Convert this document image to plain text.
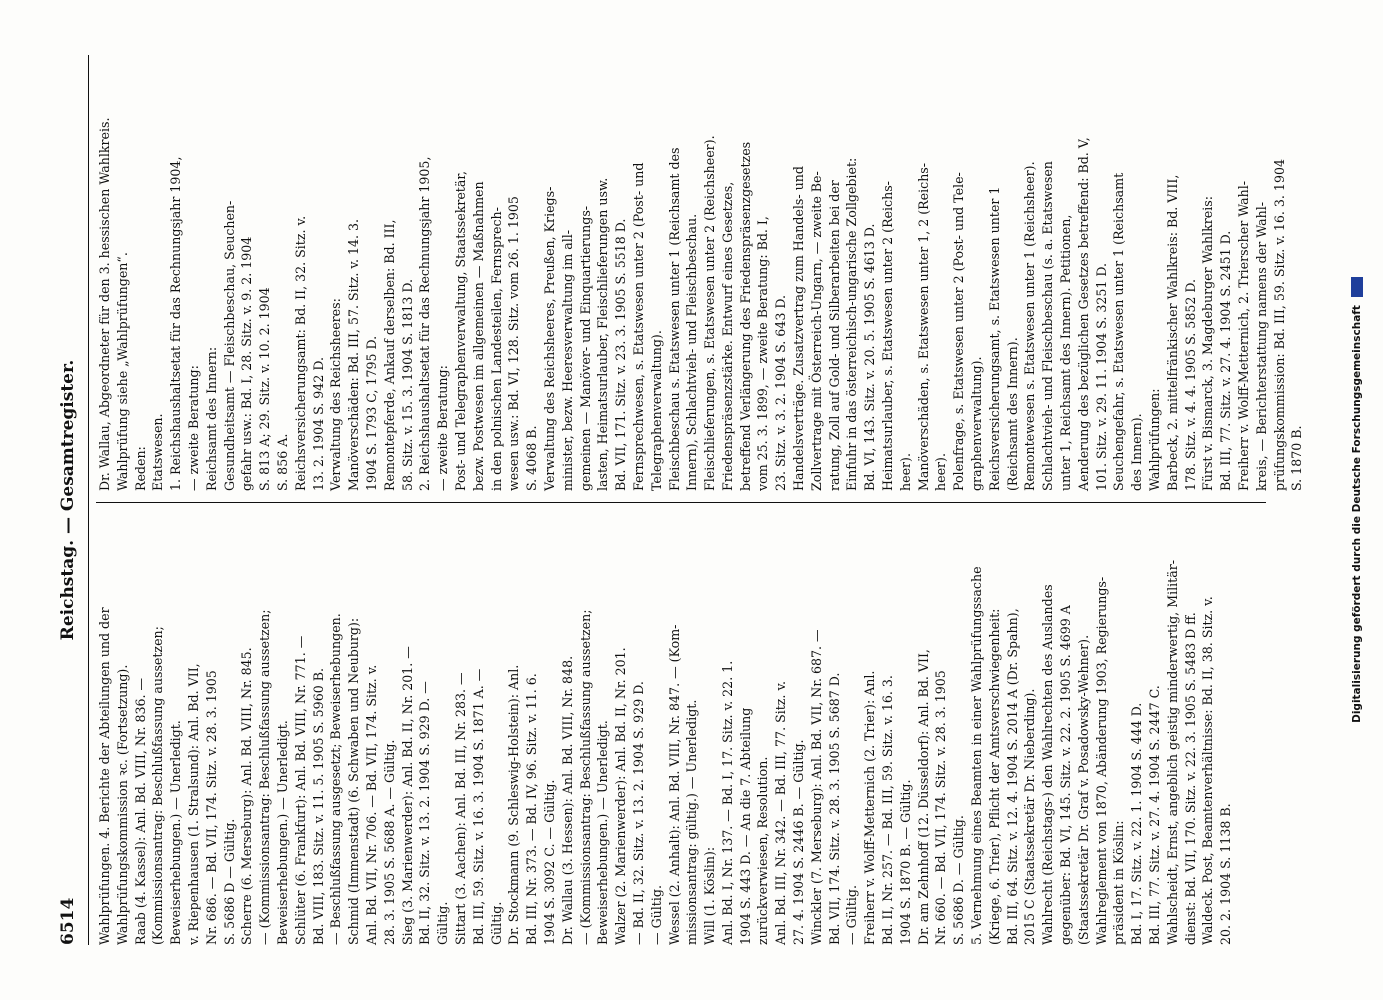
6514
Reichstag. — Gesamtregister.
Wahlprüfungen. 4. Berichte der Abteilungen und der Wahlprüfungskommission ꝛc. (Fortsetzung). Raab (4. Kassel): Anl. Bd. VIII, Nr. 836. — (Kommissionsantrag: Beschlußfassung aussetzen; Beweiserhebungen.) — Unerledigt. v. Riepenhausen (1. Stralsund): Anl. Bd. VII, Nr. 686. — Bd. VII, 174. Sitz. v. 28. 3. 1905 S. 5686 D — Gültig. Scherre (6. Merseburg): Anl. Bd. VIII, Nr. 845. — (Kommissionsantrag: Beschlußfassung aussetzen; Beweiserhebungen.) — Unerledigt. Schlüter (6. Frankfurt): Anl. Bd. VIII, Nr. 771. — Bd. VIII, 183. Sitz. v. 11. 5. 1905 S. 5960 B. — Beschlußfassung ausgesetzt; Beweiserhebungen. Schmid (Immenstadt) (6. Schwaben und Neuburg): Anl. Bd. VII, Nr. 706. — Bd. VII, 174. Sitz. v. 28. 3. 1905 S. 5688 A. — Gültig. Sieg (3. Marienwerder): Anl. Bd. II, Nr. 201. — Bd. II, 32. Sitz. v. 13. 2. 1904 S. 929 D. — Gültig. Sittart (3. Aachen): Anl. Bd. III, Nr. 283. — Bd. III, 59. Sitz. v. 16. 3. 1904 S. 1871 A. — Gültig. Dr. Stockmann (9. Schleswig-Holstein): Anl. Bd. III, Nr. 373. — Bd. IV, 96. Sitz. v. 11. 6. 1904 S. 3092 C. — Gültig. Dr. Wallau (3. Hessen): Anl. Bd. VIII, Nr. 848. — (Kommissionsantrag: Beschlußfassung aussetzen; Beweiserhebungen.) — Unerledigt. Walzer (2. Marienwerder): Anl. Bd. II, Nr. 201. — Bd. II, 32. Sitz. v. 13. 2. 1904 S. 929 D. — Gültig. Wessel (2. Anhalt): Anl. Bd. VIII, Nr. 847. — (Kom- missionsantrag: gültig.) — Unerledigt. Will (1. Köslin): Anl. Bd. I, Nr. 137. — Bd. I, 17. Sitz. v. 22. 1. 1904 S. 443 D. — An die 7. Abteilung zurückverwiesen, Resolution. Anl. Bd. III, Nr. 342. — Bd. III, 77. Sitz. v. 27. 4. 1904 S. 2446 B. — Gültig. Winckler (7. Merseburg): Anl. Bd. VII, Nr. 687. — Bd. VII, 174. Sitz. v. 28. 3. 1905 S. 5687 D. — Gültig. Freiherr v. Wolff-Metternich (2. Trier): Anl. Bd. II, Nr. 257. — Bd. III, 59. Sitz. v. 16. 3. 1904 S. 1870 B. — Gültig. Dr. am Zehnhoff (12. Düsseldorf): Anl. Bd. VII, Nr. 660. — Bd. VII, 174. Sitz. v. 28. 3. 1905 S. 5686 D. — Gültig. 5. Vernehmung eines Beamten in einer Wahlprüfungssache (Kriege, 6. Trier), Pflicht der Amtsverschwiegenheit: Bd. III, 64. Sitz. v. 12. 4. 1904 S. 2014 A (Dr. Spahn), 2015 C (Staatssekretär Dr. Nieberding). Wahlrecht (Reichstags-) den Wahlrechten des Auslandes gegenüber: Bd. VI, 145. Sitz. v. 22. 2. 1905 S. 4699 A (Staatssekretär Dr. Graf v. Posadowsky-Wehner). Wahlreglement von 1870, Abänderung 1903, Regierungs- präsident in Köslin: Bd. I, 17. Sitz. v. 22. 1. 1904 S. 444 D. Bd. III, 77. Sitz. v. 27. 4. 1904 S. 2447 C. Wahlscheidt, Ernst, angeblich geistig minderwertig, Militär- dienst: Bd. VII, 170. Sitz. v. 22. 3. 1905 S. 5483 D ff. Waldeck. Post, Beamtenverhältnisse: Bd. II, 38. Sitz. v. 20. 2. 1904 S. 1138 B.
Dr. Wallau, Abgeordneter für den 3. hessischen Wahlkreis. Wahlprüfung siehe „Wahlprüfungen“. Reden: Etatswesen. 1. Reichshaushaltsetat für das Rechnungsjahr 1904, — zweite Beratung: Reichsamt des Innern: Gesundheitsamt — Fleischbeschau, Seuchen- gefahr usw.: Bd. I, 28. Sitz. v. 9. 2. 1904 S. 813 A; 29. Sitz. v. 10. 2. 1904 S. 856 A. Reichsversicherungsamt: Bd. II, 32. Sitz. v. 13. 2. 1904 S. 942 D. Verwaltung des Reichsheeres: Manöverschäden: Bd. III, 57. Sitz. v. 14. 3. 1904 S. 1793 C, 1795 D. Remontepferde, Ankauf derselben: Bd. III, 58. Sitz. v. 15. 3. 1904 S. 1813 D. 2. Reichshaushaltsetat für das Rechnungsjahr 1905, — zweite Beratung: Post- und Telegraphenverwaltung, Staatssekretär, bezw. Postwesen im allgemeinen — Maßnahmen in den polnischen Landesteilen, Fernsprech- wesen usw.: Bd. VI, 128. Sitz. vom 26. 1. 1905 S. 4068 B. Verwaltung des Reichsheeres, Preußen, Kriegs- minister, bezw. Heeresverwaltung im all- gemeinen — Manöver- und Einquartierungs- lasten, Heimatsurlauber, Fleischlieferungen usw. Bd. VII, 171. Sitz. v. 23. 3. 1905 S. 5518 D. Fernsprechwesen, s. Etatswesen unter 2 (Post- und Telegraphenverwaltung). Fleischbeschau s. Etatswesen unter 1 (Reichsamt des Innern), Schlachtvieh- und Fleischbeschau. Fleischlieferungen, s. Etatswesen unter 2 (Reichsheer). Friedenspräsenzstärke. Entwurf eines Gesetzes, betreffend Verlängerung des Friedenspräsenzgesetzes vom 25. 3. 1899, — zweite Beratung: Bd. I, 23. Sitz. v. 3. 2. 1904 S. 643 D. Handelsverträge. Zusatzvertrag zum Handels- und Zollvertrage mit Österreich-Ungarn, — zweite Be- ratung, Zoll auf Gold- und Silberarbeiten bei der Einfuhr in das österreichisch-ungarische Zollgebiet: Bd. VI, 143. Sitz. v. 20. 5. 1905 S. 4613 D. Heimatsurlauber, s. Etatswesen unter 2 (Reichs- heer). Manöverschäden, s. Etatswesen unter 1, 2 (Reichs- heer). Polenfrage, s. Etatswesen unter 2 (Post- und Tele- graphenverwaltung). Reichsversicherungsamt, s. Etatswesen unter 1 (Reichsamt des Innern). Remontewesen s. Etatswesen unter 1 (Reichsheer). Schlachtvieh- und Fleischbeschau (s. a. Etatswesen unter 1, Reichsamt des Innern). Petitionen, Aenderung des bezüglichen Gesetzes betreffend: Bd. V, 101. Sitz. v. 29. 11. 1904 S. 3251 D. Seuchengefahr, s. Etatswesen unter 1 (Reichsamt des Innern). Wahlprüfungen: Barbeck, 2. mittelfränkischer Wahlkreis: Bd. VIII, 178. Sitz. v. 4. 4. 1905 S. 5852 D. Fürst v. Bismarck, 3. Magdeburger Wahlkreis: Bd. III, 77. Sitz. v. 27. 4. 1904 S. 2451 D. Freiherr v. Wolff-Metternich, 2. Trierscher Wahl- kreis, — Berichterstattung namens der Wahl- prüfungskommission: Bd. III, 59. Sitz. v. 16. 3. 1904 S. 1870 B.	Digitalisierung gefördert durch die Deutsche Forschungsgemeinschaft
